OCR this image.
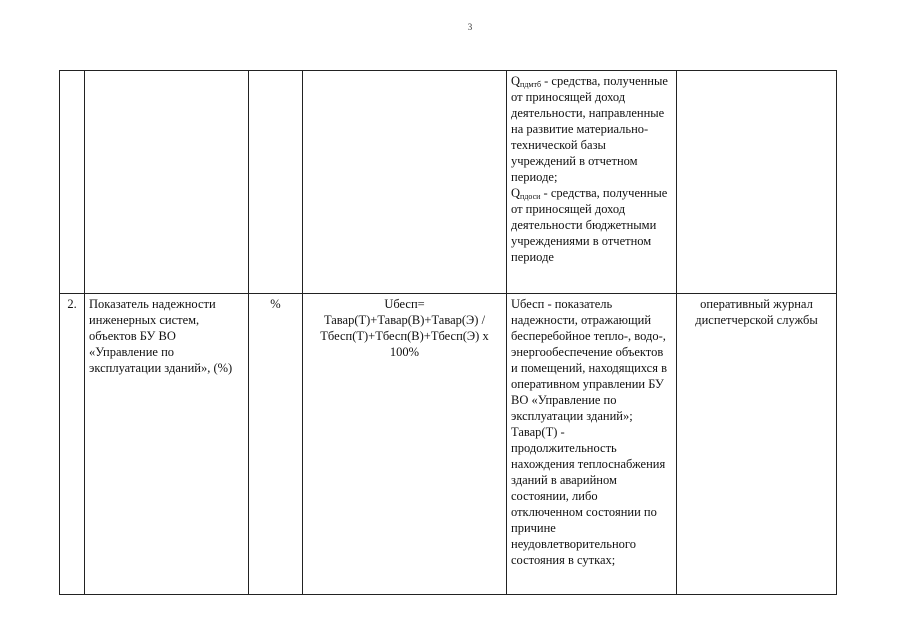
3

				$Q_{пдмтб}$ - средства, полученные от приносящей доход деятельности, направленные на развитие материально-технической базы учреждений в отчетном периоде;
$Q_{пдоси}$ - средства, полученные от приносящей доход деятельности бюджетными учреждениями в отчетном периоде	

2.	Показатель надежности инженерных систем, объектов БУ ВО «Управление по эксплуатации зданий», (%)	%	Uбесп= Тавар(Т)+Тавар(В)+Тавар(Э) / Тбесп(Т)+Тбесп(В)+Тбесп(Э) х 100%	Uбесп - показатель надежности, отражающий бесперебойное тепло-, водо-, энергообеспечение объектов и помещений, находящихся в оперативном управлении БУ ВО «Управление по эксплуатации зданий»;
Тавар(Т) - продолжительность нахождения теплоснабжения зданий в аварийном состоянии, либо отключенном состоянии по причине неудовлетворительного состояния в сутках;	оперативный журнал диспетчерской службы
